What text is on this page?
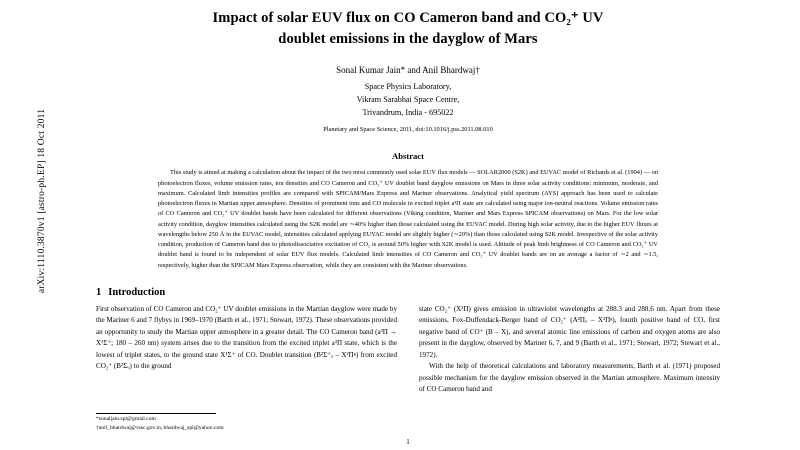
arXiv:1110.3870v1 [astro-ph.EP] 18 Oct 2011
Impact of solar EUV flux on CO Cameron band and CO₂⁺ UV
doublet emissions in the dayglow of Mars
Sonal Kumar Jain* and Anil Bhardwaj†
Space Physics Laboratory,
Vikram Sarabhai Space Centre,
Trivandrum, India - 695022
Planetary and Space Science, 2011, doi:10.1016/j.pss.2011.08.010
Abstract
This study is aimed at making a calculation about the impact of the two most commonly used solar EUV flux models — SOLAR2000 (S2K) and EUVAC model of Richards et al. (1994) — on photoelectron fluxes, volume emission rates, ion densities and CO Cameron and CO₂⁺ UV doublet band dayglow emissions on Mars in three solar activity conditions: minimum, moderate, and maximum. Calculated limb intensities profiles are compared with SPICAM/Mars Express and Mariner observations. Analytical yield spectrum (AYS) approach has been used to calculate photoelectron fluxes in Martian upper atmosphere. Densities of prominent ions and CO molecule in excited triplet a³Π state are calculated using major ion-neutral reactions. Volume emission rates of CO Cameron and CO₂⁺ UV doublet bands have been calculated for different observations (Viking condition, Mariner and Mars Express SPICAM observations) on Mars. For the low solar activity condition, dayglow intensities calculated using the S2K model are ∼40% higher than those calculated using the EUVAC model. During high solar activity, due to the higher EUV fluxes at wavelengths below 250 Å in the EUVAC model, intensities calculated applying EUVAC model are slightly higher (∼20%) than those calculated using S2K model. Irrespective of the solar activity condition, production of Cameron band due to photodissociative excitation of CO₂ is around 50% higher with S2K model is used. Altitude of peak limb brightness of CO Cameron and CO₂⁺ UV doublet band is found to be independent of solar EUV flux models. Calculated limb intensities of CO Cameron and CO₂⁺ UV doublet bands are on an average a factor of ∼2 and ∼1.5, respectively, higher than the SPICAM Mars Express observation, while they are consistent with the Mariner observations.
1 Introduction

First observation of CO Cameron and CO₂⁺ UV doublet emissions in the Martian dayglow were made by the Mariner 6 and 7 flybys in 1969–1970 (Barth et al., 1971; Stewart, 1972). These observations provided an opportunity to study the Martian upper atmosphere in a greater detail. The CO Cameron band (a³Π → X¹Σ⁺; 180 – 260 nm) system arises due to the transition from the excited triplet a³Π state, which is the lowest of triplet states, to the ground state X¹Σ⁺ of CO. Doublet transition (B²Σ⁺ᵤ – X²Πᵍ) from excited CO₂⁺ (B²Σᵤ) to the ground

state CO₂⁺ (X²Π) gives emission in ultraviolet wavelengths at 288.3 and 288.6 nm. Apart from these emissions, Fox-Duffendack-Berger band of CO₂⁺ (A²Πᵤ – X²Πᵍ), fourth positive band of CO, first negative band of CO⁺ (B – X), and several atomic line emissions of carbon and oxygen atoms are also present in the dayglow, observed by Mariner 6, 7, and 9 (Barth et al., 1971; Stewart, 1972; Stewart et al., 1972).

With the help of theoretical calculations and laboratory measurements, Barth et al. (1971) proposed possible mechanism for the dayglow emission observed in the Martian atmosphere. Maximum intensity of CO Cameron band and

*sonaljain.spl@gmail.com
†anil_bhardwaj@vssc.gov.in, bhardwaj_spl@yahoo.com
1
